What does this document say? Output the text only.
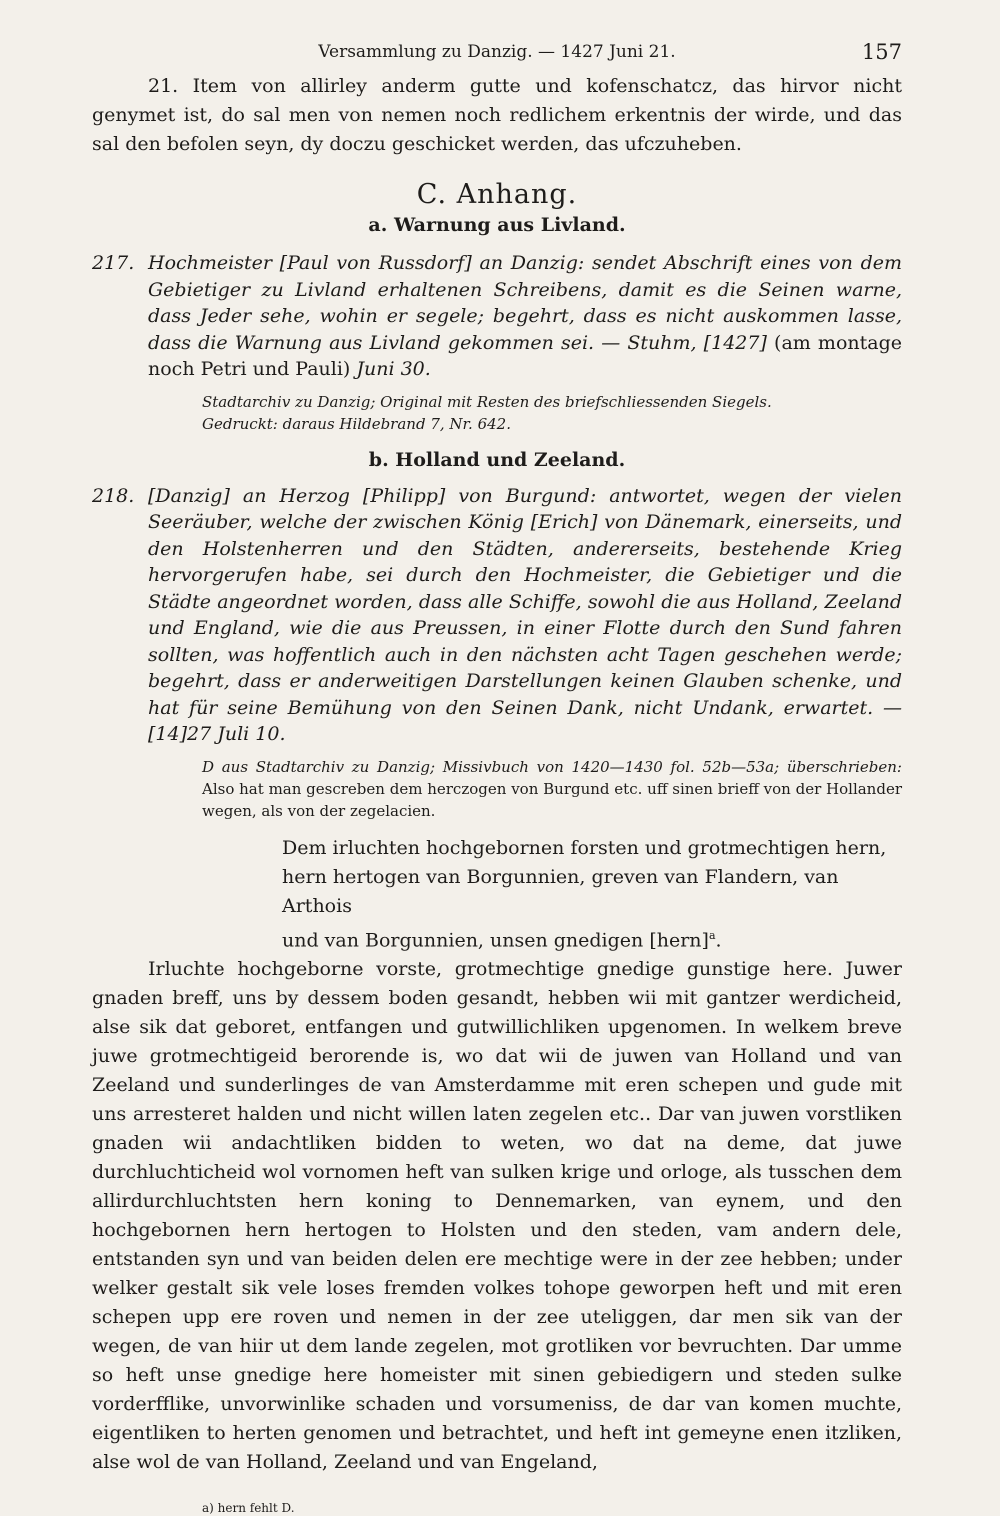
Versammlung zu Danzig. — 1427 Juni 21.	157

21. Item von allirley anderm gutte und kofenschatcz, das hirvor nicht genymet ist, do sal men von nemen noch redlichem erkentnis der wirde, und das sal den befolen seyn, dy doczu geschicket werden, das ufczuheben.

C. Anhang.
a. Warnung aus Livland.

217. Hochmeister [Paul von Russdorf] an Danzig: sendet Abschrift eines von dem Gebietiger zu Livland erhaltenen Schreibens, damit es die Seinen warne, dass Jeder sehe, wohin er segele; begehrt, dass es nicht auskommen lasse, dass die Warnung aus Livland gekommen sei. — Stuhm, [1427] (am montage noch Petri und Pauli) Juni 30.

Stadtarchiv zu Danzig; Original mit Resten des briefschliessenden Siegels.
Gedruckt: daraus Hildebrand 7, Nr. 642.
b. Holland und Zeeland.

218. [Danzig] an Herzog [Philipp] von Burgund: antwortet, wegen der vielen Seeräuber, welche der zwischen König [Erich] von Dänemark, einerseits, und den Holstenherren und den Städten, andererseits, bestehende Krieg hervorgerufen habe, sei durch den Hochmeister, die Gebietiger und die Städte angeordnet worden, dass alle Schiffe, sowohl die aus Holland, Zeeland und England, wie die aus Preussen, in einer Flotte durch den Sund fahren sollten, was hoffentlich auch in den nächsten acht Tagen geschehen werde; begehrt, dass er anderweitigen Darstellungen keinen Glauben schenke, und hat für seine Bemühung von den Seinen Dank, nicht Undank, erwartet. — [14]27 Juli 10.

D aus Stadtarchiv zu Danzig; Missivbuch von 1420—1430 fol. 52b—53a; überschrieben: Also hat man gescreben dem herczogen von Burgund etc. uff sinen brieff von der Hollander wegen, als von der zegelacien.
Dem irluchten hochgebornen forsten und grotmechtigen hern,
hern hertogen van Borgunnien, greven van Flandern, van Arthois
und van Borgunnien, unsen gnedigen [hern]$^a$.

Irluchte hochgeborne vorste, grotmechtige gnedige gunstige here. Juwer gnaden breff, uns by dessem boden gesandt, hebben wii mit gantzer werdicheid, alse sik dat geboret, entfangen und gutwillichliken upgenomen. In welkem breve juwe grotmechtigeid berorende is, wo dat wii de juwen van Holland und van Zeeland und sunderlinges de van Amsterdamme mit eren schepen und gude mit uns arresteret halden und nicht willen laten zegelen etc.. Dar van juwen vorstliken gnaden wii andachtliken bidden to weten, wo dat na deme, dat juwe durchluchticheid wol vornomen heft van sulken krige und orloge, als tusschen dem allirdurchluchtsten hern koning to Dennemarken, van eynem, und den hochgebornen hern hertogen to Holsten und den steden, vam andern dele, entstanden syn und van beiden delen ere mechtige were in der zee hebben; under welker gestalt sik vele loses fremden volkes tohope geworpen heft und mit eren schepen upp ere roven und nemen in der zee uteliggen, dar men sik van der wegen, de van hiir ut dem lande zegelen, mot grotliken vor bevruchten. Dar umme so heft unse gnedige here homeister mit sinen gebiedigern und steden sulke vorderfflike, unvorwinlike schaden und vorsumeniss, de dar van komen muchte, eigentliken to herten genomen und betrachtet, und heft int gemeyne enen itzliken, alse wol de van Holland, Zeeland und van Engeland,

a) hern fehlt D.
